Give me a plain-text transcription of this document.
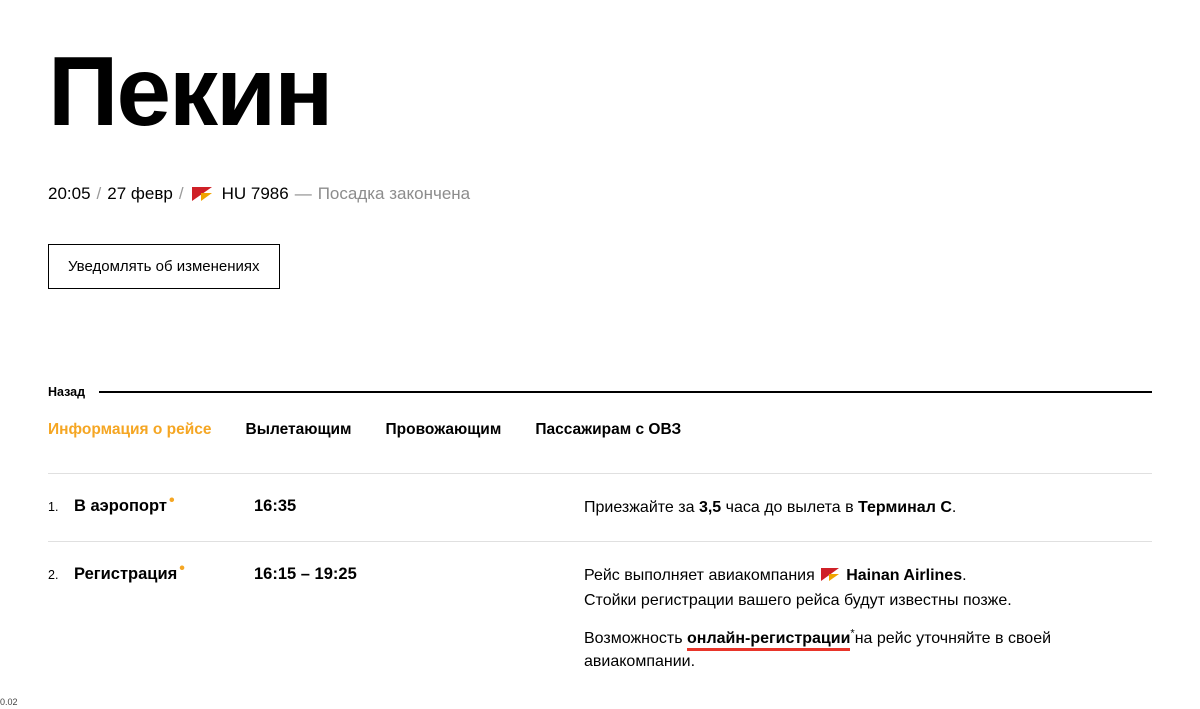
Пекин
20:05 / 27 февр / HU
7986 — Посадка закончена
Уведомлять об изменениях
Назад
Информация о рейсе Вылетающим Провожающим Пассажирам с ОВЗ
1. В аэропорт •	16:35	Приезжайте за 3,5 часа до вылета в Терминал C.

2. Регистрация •	16:15 – 19:25	Рейс выполняет авиакомпания
Hainan Airlines.

Стойки регистрации вашего рейса будут известны позже.

Возможность онлайн-регистрации*на рейс уточняйте в своей авиакомпании.

0.02
